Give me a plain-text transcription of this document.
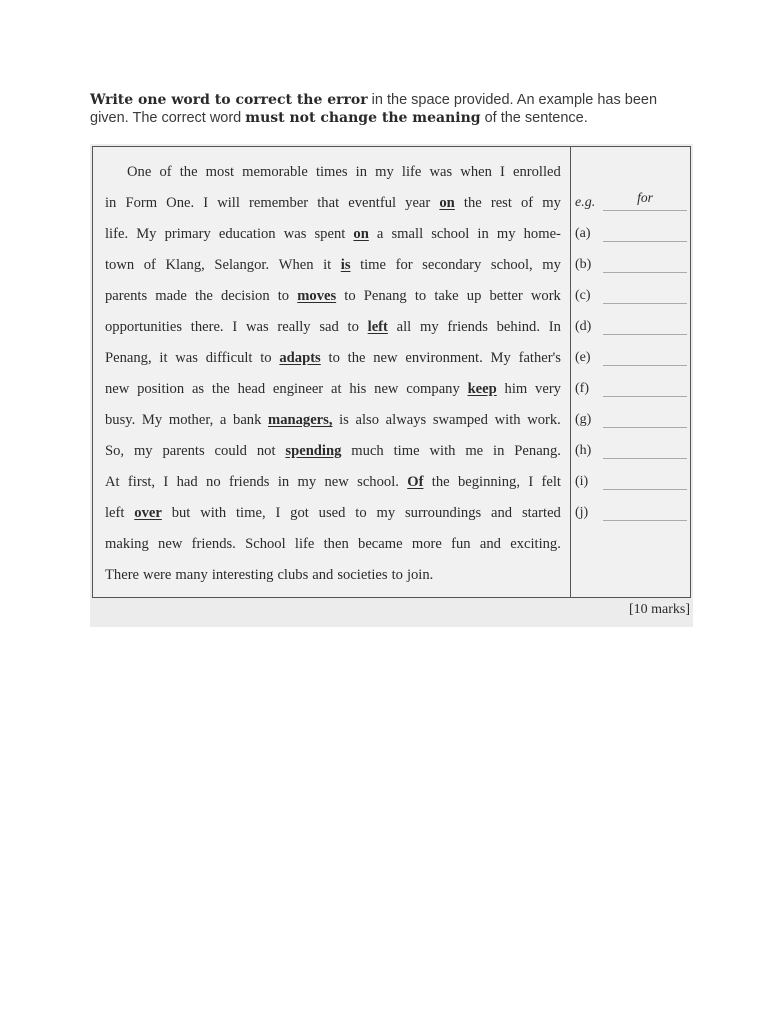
Write one word to correct the error in the space provided. An example has been given. The correct word must not change the meaning of the sentence.
One of the most memorable times in my life was when I enrolled
in Form One. I will remember that eventful year on the rest of my
life. My primary education was spent on a small school in my home-
town of Klang, Selangor. When it is time for secondary school, my
parents made the decision to moves to Penang to take up better work
opportunities there. I was really sad to left all my friends behind. In
Penang, it was difficult to adapts to the new environment. My father's
new position as the head engineer at his new company keep him very
busy. My mother, a bank managers, is also always swamped with work.
So, my parents could not spending much time with me in Penang.
At first, I had no friends in my new school. Of the beginning, I felt
left over but with time, I got used to my surroundings and started
making new friends. School life then became more fun and exciting.
There were many interesting clubs and societies to join.
e.g.	for
(a)
(b)
(c)
(d)
(e)
(f)
(g)
(h)
(i)
(j)
[10 marks]
